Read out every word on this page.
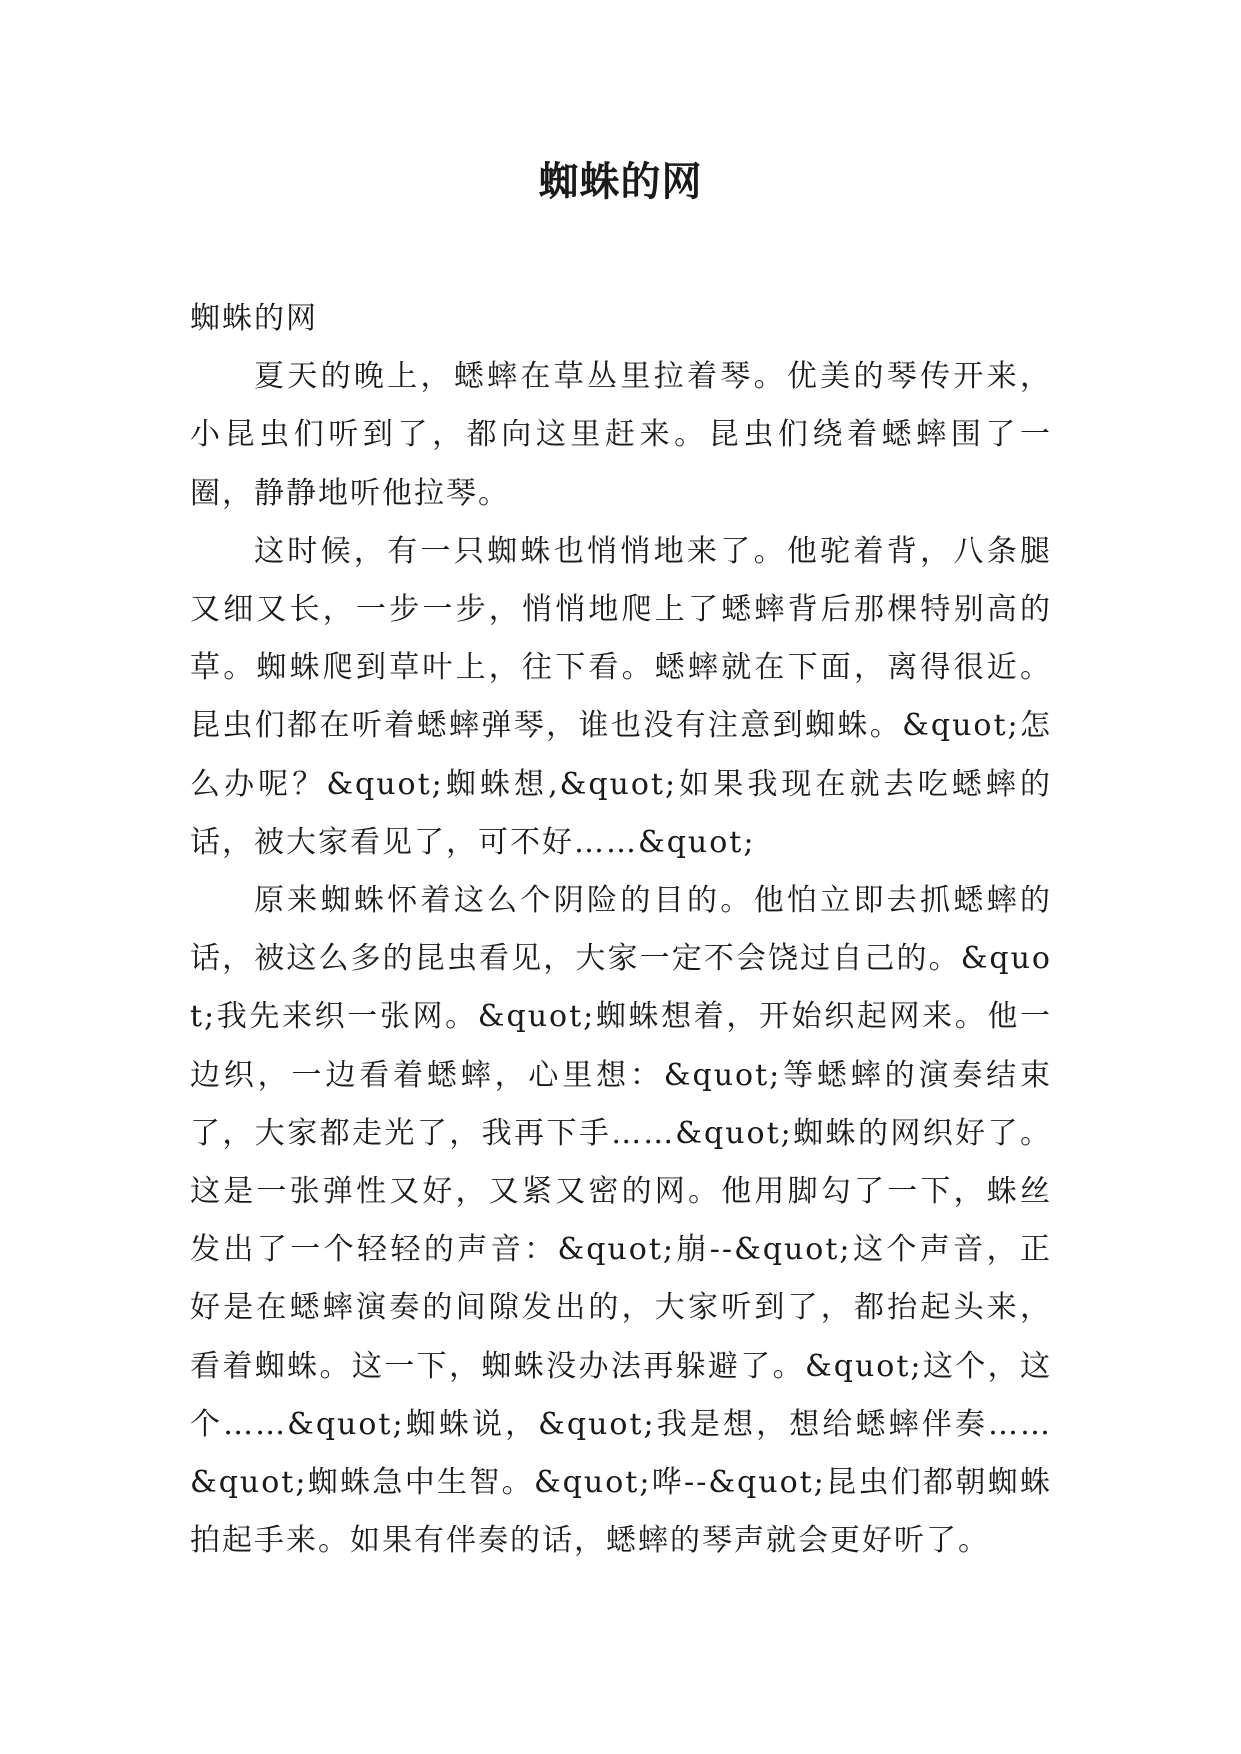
蜘蛛的网

蜘蛛的网

夏天的晚上，蟋蟀在草丛里拉着琴。优美的琴传开来，小昆虫们听到了，都向这里赶来。昆虫们绕着蟋蟀围了一圈，静静地听他拉琴。

这时候，有一只蜘蛛也悄悄地来了。他驼着背，八条腿又细又长，一步一步，悄悄地爬上了蟋蟀背后那棵特别高的草。蜘蛛爬到草叶上，往下看。蟋蟀就在下面，离得很近。昆虫们都在听着蟋蟀弹琴，谁也没有注意到蜘蛛。&quot;怎么办呢？&quot;蜘蛛想,&quot;如果我现在就去吃蟋蟀的话，被大家看见了，可不好……&quot;

原来蜘蛛怀着这么个阴险的目的。他怕立即去抓蟋蟀的话，被这么多的昆虫看见，大家一定不会饶过自己的。&quot;我先来织一张网。&quot;蜘蛛想着，开始织起网来。他一边织，一边看着蟋蟀，心里想：&quot;等蟋蟀的演奏结束了，大家都走光了，我再下手……&quot;蜘蛛的网织好了。这是一张弹性又好，又紧又密的网。他用脚勾了一下，蛛丝发出了一个轻轻的声音：&quot;崩--&quot;这个声音，正好是在蟋蟀演奏的间隙发出的，大家听到了，都抬起头来，看着蜘蛛。这一下，蜘蛛没办法再躲避了。&quot;这个，这个……&quot;蜘蛛说，&quot;我是想，想给蟋蟀伴奏……&quot;蜘蛛急中生智。&quot;哗--&quot;昆虫们都朝蜘蛛拍起手来。如果有伴奏的话，蟋蟀的琴声就会更好听了。
